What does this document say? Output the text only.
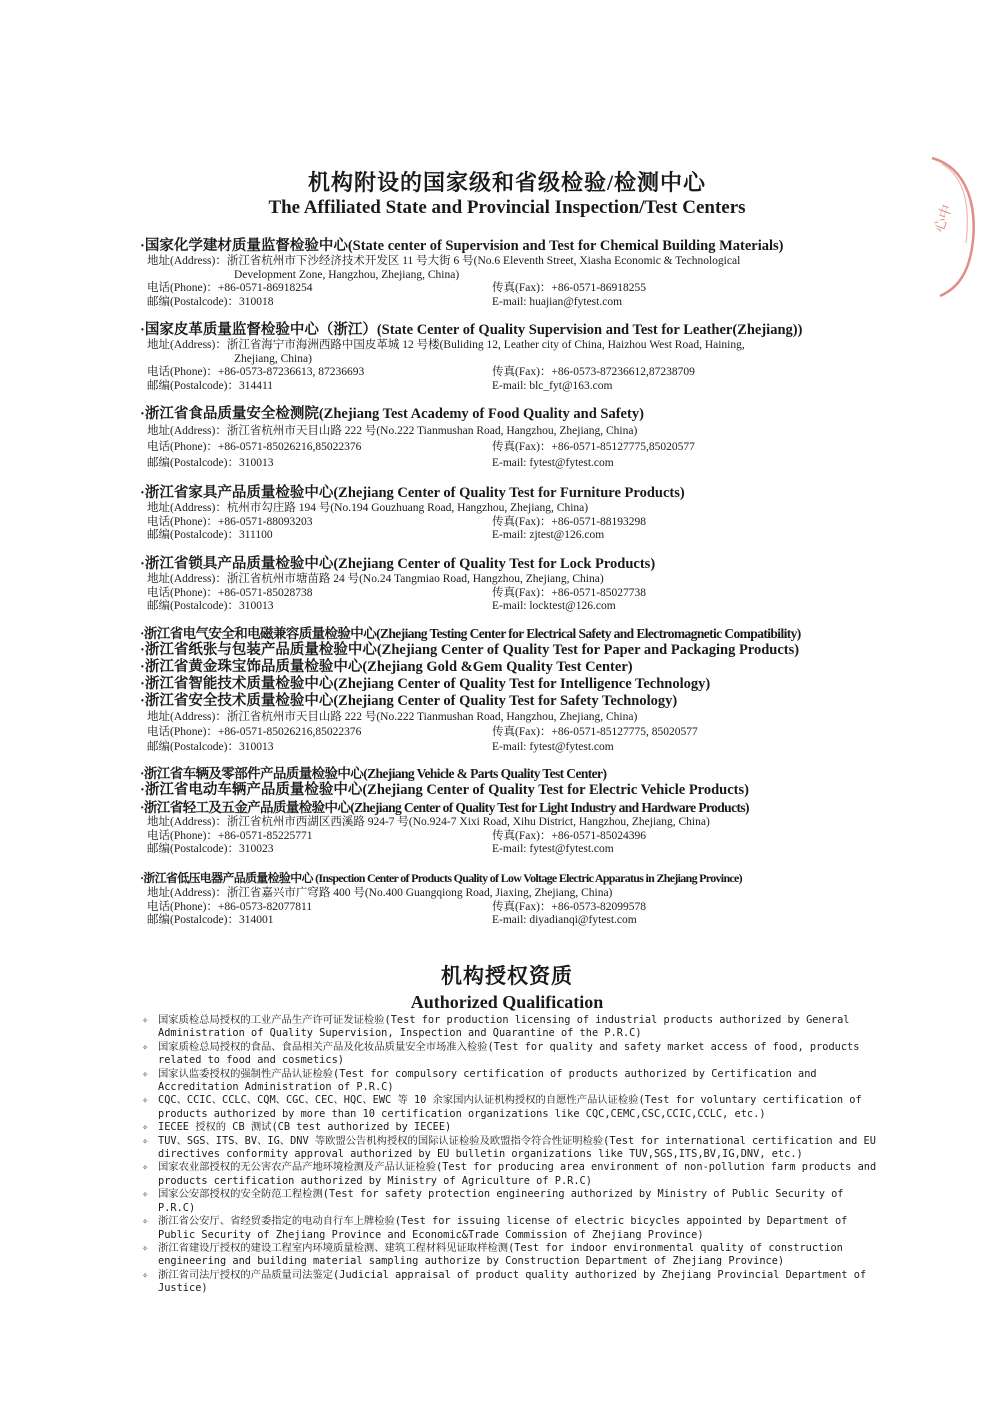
心中
机构附设的国家级和省级检验/检测中心
The Affiliated State and Provincial Inspection/Test Centers
·国家化学建材质量监督检验中心(State center of Supervision and Test for Chemical Building Materials)
地址(Address)：浙江省杭州市下沙经济技术开发区 11 号大街 6 号(No.6 Eleventh Street, Xiasha Economic & Technological
Development Zone, Hangzhou, Zhejiang, China)
电话(Phone)：+86-0571-86918254	传真(Fax)：+86-0571-86918255
邮编(Postalcode)：310018	E-mail: huajian@fytest.com
·国家皮革质量监督检验中心（浙江）(State Center of Quality Supervision and Test for Leather(Zhejiang))
地址(Address)：浙江省海宁市海洲西路中国皮革城 12 号楼(Buliding 12, Leather city of China, Haizhou West Road, Haining,
Zhejiang, China)
电话(Phone)：+86-0573-87236613, 87236693	传真(Fax)：+86-0573-87236612,87238709
邮编(Postalcode)：314411	E-mail: blc_fyt@163.com
·浙江省食品质量安全检测院(Zhejiang Test Academy of Food Quality and Safety)
地址(Address)：浙江省杭州市天目山路 222 号(No.222 Tianmushan Road, Hangzhou, Zhejiang, China)
电话(Phone)：+86-0571-85026216,85022376	传真(Fax)：+86-0571-85127775,85020577
邮编(Postalcode)：310013	E-mail: fytest@fytest.com
·浙江省家具产品质量检验中心(Zhejiang Center of Quality Test for Furniture Products)
地址(Address)：杭州市勾庄路 194 号(No.194 Gouzhuang Road, Hangzhou, Zhejiang, China)
电话(Phone)：+86-0571-88093203	传真(Fax)：+86-0571-88193298
邮编(Postalcode)：311100	E-mail: zjtest@126.com
·浙江省锁具产品质量检验中心(Zhejiang Center of Quality Test for Lock Products)
地址(Address)：浙江省杭州市塘苗路 24 号(No.24 Tangmiao Road, Hangzhou, Zhejiang, China)
电话(Phone)：+86-0571-85028738	传真(Fax)：+86-0571-85027738
邮编(Postalcode)：310013	E-mail: locktest@126.com
·浙江省电气安全和电磁兼容质量检验中心(Zhejiang Testing Center for Electrical Safety and Electromagnetic Compatibility)
·浙江省纸张与包装产品质量检验中心(Zhejiang Center of Quality Test for Paper and Packaging Products)
·浙江省黄金珠宝饰品质量检验中心(Zhejiang Gold &Gem Quality Test Center)
·浙江省智能技术质量检验中心(Zhejiang Center of Quality Test for Intelligence Technology)
·浙江省安全技术质量检验中心(Zhejiang Center of Quality Test for Safety Technology)
地址(Address)：浙江省杭州市天目山路 222 号(No.222 Tianmushan Road, Hangzhou, Zhejiang, China)
电话(Phone)：+86-0571-85026216,85022376	传真(Fax)：+86-0571-85127775, 85020577
邮编(Postalcode)：310013	E-mail: fytest@fytest.com
·浙江省车辆及零部件产品质量检验中心(Zhejiang Vehicle & Parts Quality Test Center)
·浙江省电动车辆产品质量检验中心(Zhejiang Center of Quality Test for Electric Vehicle Products)
·浙江省轻工及五金产品质量检验中心(Zhejiang Center of Quality Test for Light Industry and Hardware Products)
地址(Address)：浙江省杭州市西湖区西溪路 924-7 号(No.924-7 Xixi Road, Xihu District, Hangzhou, Zhejiang, China)
电话(Phone)：+86-0571-85225771	传真(Fax)：+86-0571-85024396
邮编(Postalcode)：310023	E-mail: fytest@fytest.com
·浙江省低压电器产品质量检验中心 (Inspection Center of Products Quality of Low Voltage Electric Apparatus in Zhejiang Province)
地址(Address)：浙江省嘉兴市广穹路 400 号(No.400 Guangqiong Road, Jiaxing, Zhejiang, China)
电话(Phone)：+86-0573-82077811	传真(Fax)：+86-0573-82099578
邮编(Postalcode)：314001	E-mail: diyadianqi@fytest.com
机构授权资质
Authorized Qualification
✧ 国家质检总局授权的工业产品生产许可证发证检验(Test for production licensing of industrial products authorized by General Administration of Quality Supervision, Inspection and Quarantine of the P.R.C)
✧ 国家质检总局授权的食品、食品相关产品及化妆品质量安全市场准入检验(Test for quality and safety market access of food, products related to food and cosmetics)
✧ 国家认监委授权的强制性产品认证检验(Test for compulsory certification of products authorized by Certification and Accreditation Administration of P.R.C)
✧ CQC、CCIC、CCLC、CQM、CGC、CEC、HQC、EWC 等 10 余家国内认证机构授权的自愿性产品认证检验(Test for voluntary certification of products authorized by more than 10 certification organizations like CQC,CEMC,CSC,CCIC,CCLC, etc.)
✧ IECEE 授权的 CB 测试(CB test authorized by IECEE)
✧ TUV、SGS、ITS、BV、IG、DNV 等欧盟公告机构授权的国际认证检验及欧盟指令符合性证明检验(Test for international certification and EU directives conformity approval authorized by EU bulletin organizations like TUV,SGS,ITS,BV,IG,DNV, etc.)
✧ 国家农业部授权的无公害农产品产地环境检测及产品认证检验(Test for producing area environment of non-pollution farm products and products certification authorized by Ministry of Agriculture of P.R.C)
✧ 国家公安部授权的安全防范工程检测(Test for safety protection engineering authorized by Ministry of Public Security of P.R.C)
✧ 浙江省公安厅、省经贸委指定的电动自行车上牌检验(Test for issuing license of electric bicycles appointed by Department of Public Security of Zhejiang Province and Economic&Trade Commission of Zhejiang Province)
✧ 浙江省建设厅授权的建设工程室内环境质量检测、建筑工程材料见证取样检测(Test for indoor environmental quality of construction engineering and building material sampling authorize by Construction Department of Zhejiang Province)
✧ 浙江省司法厅授权的产品质量司法鉴定(Judicial appraisal of product quality authorized by Zhejiang Provincial Department of Justice)
